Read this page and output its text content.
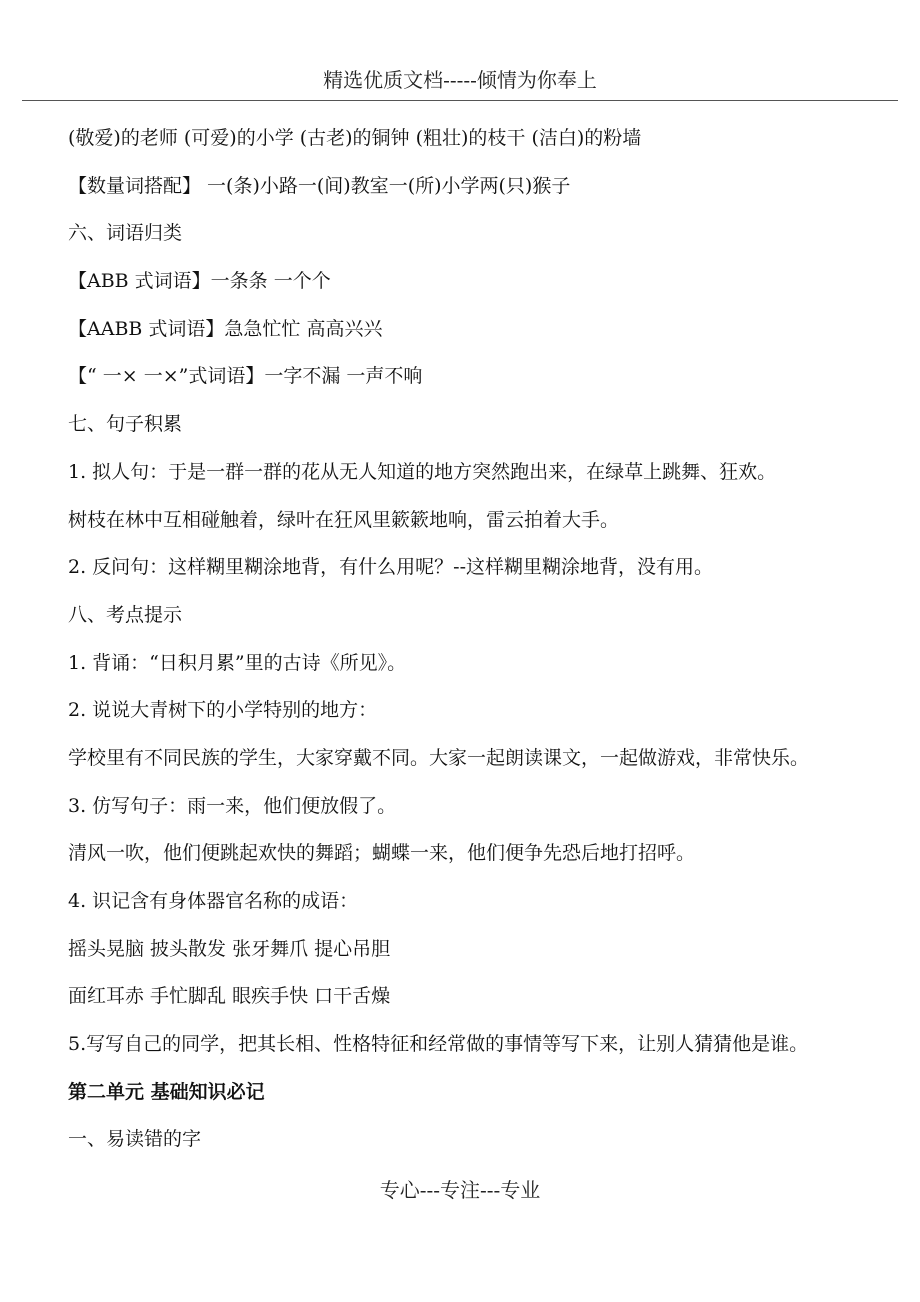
精选优质文档-----倾情为你奉上
(敬爱)的老师 (可爱)的小学 (古老)的铜钟 (粗壮)的枝干 (洁白)的粉墙
【数量词搭配】 一(条)小路一(间)教室一(所)小学两(只)猴子
六、词语归类
【ABB 式词语】一条条 一个个
【AABB 式词语】急急忙忙 高高兴兴
【“ 一× 一×”式词语】一字不漏 一声不响
七、句子积累
1. 拟人句：于是一群一群的花从无人知道的地方突然跑出来，在绿草上跳舞、狂欢。
树枝在林中互相碰触着，绿叶在狂风里簌簌地响，雷云拍着大手。
2. 反问句：这样糊里糊涂地背，有什么用呢？--这样糊里糊涂地背，没有用。
八、考点提示
1. 背诵：“日积月累”里的古诗《所见》。
2. 说说大青树下的小学特别的地方：
学校里有不同民族的学生，大家穿戴不同。大家一起朗读课文，一起做游戏，非常快乐。
3. 仿写句子：雨一来，他们便放假了。
清风一吹，他们便跳起欢快的舞蹈；蝴蝶一来，他们便争先恐后地打招呼。
4. 识记含有身体器官名称的成语：
摇头晃脑 披头散发 张牙舞爪 提心吊胆
面红耳赤 手忙脚乱 眼疾手快 口干舌燥
5.写写自己的同学，把其长相、性格特征和经常做的事情等写下来，让别人猜猜他是谁。
第二单元 基础知识必记
一、易读错的字
专心---专注---专业
